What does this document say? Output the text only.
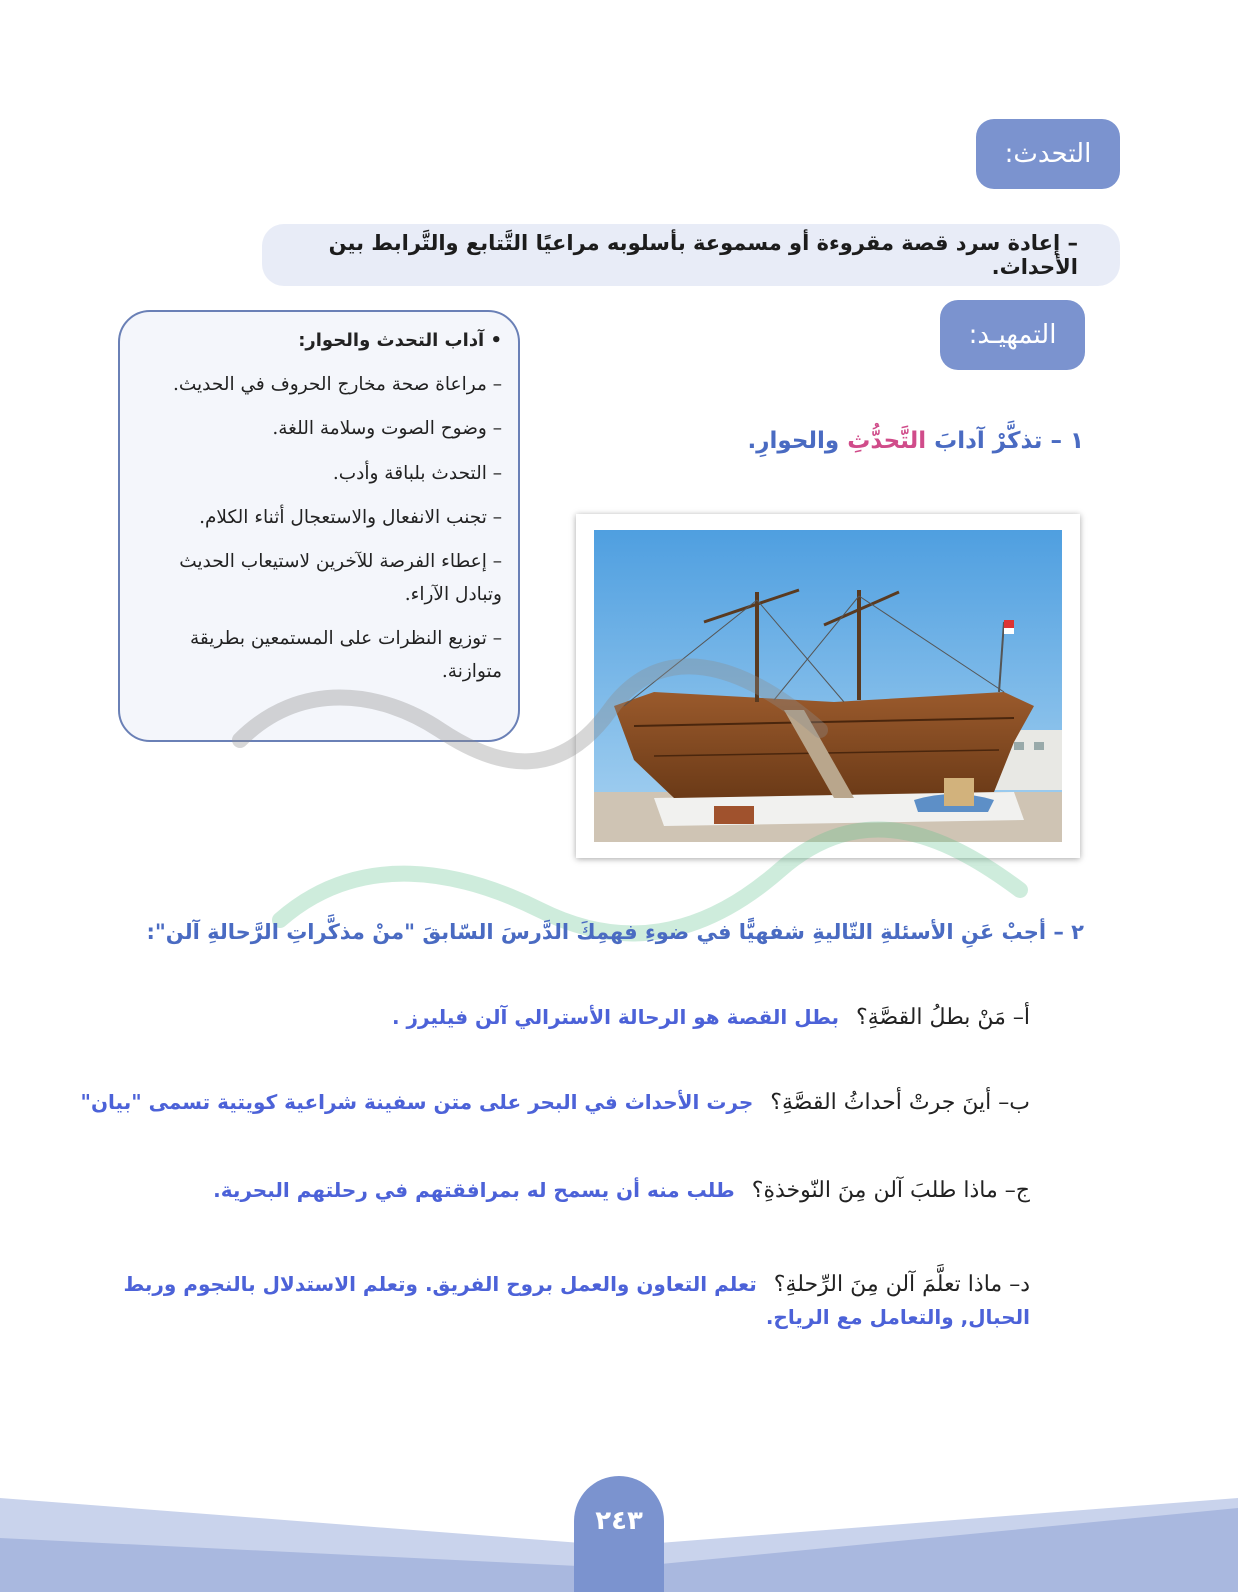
التحدث:
– إعادة سرد قصة مقروءة أو مسموعة بأسلوبه مراعيًا التَّتابع والتَّرابط بين الأحداث.
التمهيـد:
• آداب التحدث والحوار:
– مراعاة صحة مخارج الحروف في الحديث.
– وضوح الصوت وسلامة اللغة.
– التحدث بلباقة وأدب.
– تجنب الانفعال والاستعجال أثناء الكلام.
– إعطاء الفرصة للآخرين لاستيعاب الحديث وتبادل الآراء.
– توزيع النظرات على المستمعين بطريقة متوازنة.
١ – تذكَّرْ آدابَ التَّحدُّثِ والحوارِ.
٢ – أجبْ عَنِ الأسئلةِ التّاليةِ شفهيًّا في ضوءِ فهمِكَ الدَّرسَ السّابقَ "منْ مذكَّراتِ الرَّحالةِ آلن":
أ– مَنْ بطلُ القصَّةِ؟ بطل القصة هو الرحالة الأسترالي آلن فيليرز .
ب– أينَ جرتْ أحداثُ القصَّةِ؟ جرت الأحداث في البحر على متن سفينة شراعية كويتية تسمى "بيان"
ج– ماذا طلبَ آلن مِنَ النّوخذةِ؟ طلب منه أن يسمح له بمرافقتهم في رحلتهم البحرية.
د– ماذا تعلَّمَ آلن مِنَ الرِّحلةِ؟ تعلم التعاون والعمل بروح الفريق. وتعلم الاستدلال بالنجوم وربط الحبال, والتعامل مع الرياح.
٢٤٣
